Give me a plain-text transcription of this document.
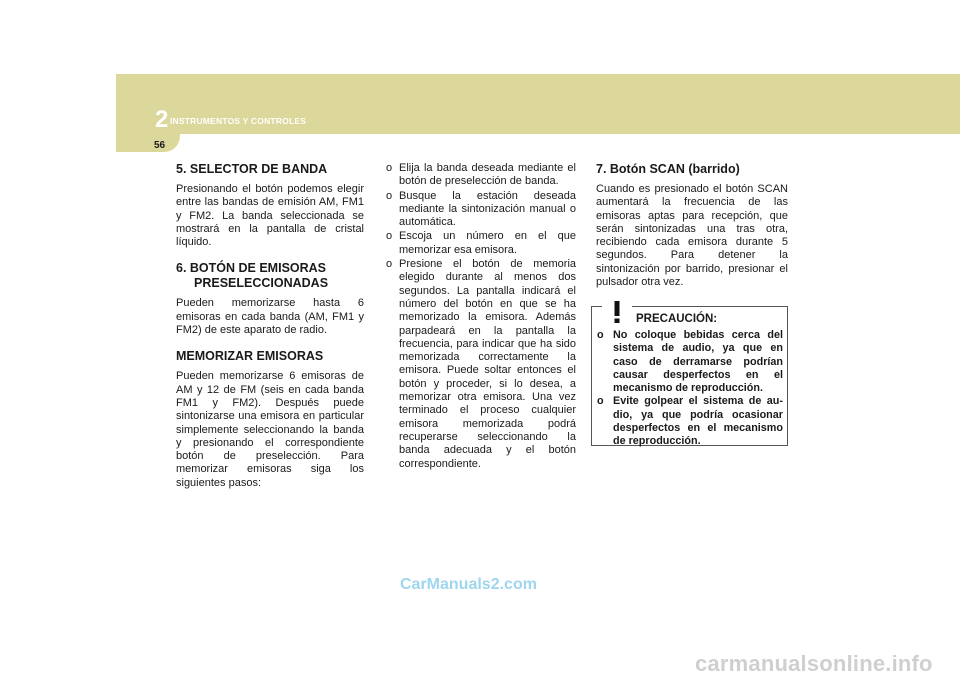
2 INSTRUMENTOS Y CONTROLES
56
5. SELECTOR DE BANDA

Presionando el botón podemos elegir entre las bandas de emisión AM, FM1 y FM2. La banda seleccionada se mostrará en la pantalla de cristal líquido.

6. BOTÓN DE EMISORAS PRESELECCIONADAS

Pueden memorizarse hasta 6 emisoras en cada banda (AM, FM1 y FM2) de este aparato de radio.

MEMORIZAR EMISORAS

Pueden memorizarse 6 emisoras de AM y 12 de FM (seis en cada banda FM1 y FM2). Después puede sintonizarse una emisora en particular simplemente seleccionando la banda y presionando el correspondiente botón de preselección. Para memorizar emisoras siga los siguientes pasos:

o Elija la banda deseada mediante el botón de preselección de banda.
o Busque la estación deseada mediante la sintonización manual o automática.
o Escoja un número en el que memorizar esa emisora.
o Presione el botón de memoria elegido durante al menos dos segundos. La pantalla indicará el número del botón en que se ha memorizado la emisora. Además parpadeará en la pantalla la frecuencia, para indicar que ha sido memorizada correctamente la emisora. Puede soltar entonces el botón y proceder, si lo desea, a memorizar otra emisora. Una vez terminado el proceso cualquier emisora memorizada podrá recuperarse seleccionando la banda adecuada y el botón correspondiente.
7. Botón SCAN (barrido)

Cuando es presionado el botón SCAN aumentará la frecuencia de las emisoras aptas para recepción, que serán sintonizadas una tras otra, recibiendo cada emisora durante 5 segundos. Para detener la sintonización por barrido, presionar el pulsador otra vez.

PRECAUCIÓN:
o No coloque bebidas cerca del sistema de audio, ya que en caso de derramarse podrían causar desperfectos en el mecanismo de reproducción.
o Evite golpear el sistema de au-dio, ya que podría ocasionar desperfectos en el mecanismo de reproducción.
CarManuals2.com
carmanualsonline.info
